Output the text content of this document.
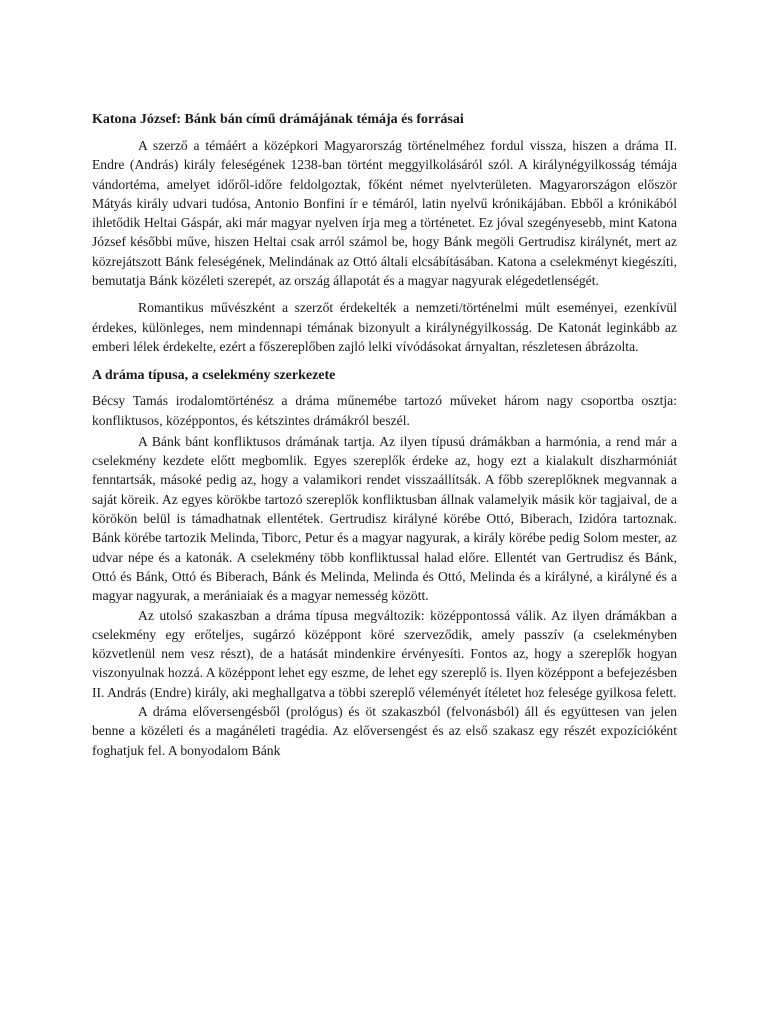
Katona József: Bánk bán című drámájának témája és forrásai

A szerző a témáért a középkori Magyarország történelméhez fordul vissza, hiszen a dráma II. Endre (András) király feleségének 1238-ban történt meggyilkolásáról szól. A királynégyilkosság témája vándortéma, amelyet időről-időre feldolgoztak, főként német nyelvterületen. Magyarországon először Mátyás király udvari tudósa, Antonio Bonfini ír e témáról, latin nyelvű krónikájában. Ebből a krónikából ihletődik Heltai Gáspár, aki már magyar nyelven írja meg a történetet. Ez jóval szegényesebb, mint Katona József későbbi műve, hiszen Heltai csak arról számol be, hogy Bánk megöli Gertrudisz királynét, mert az közrejátszott Bánk feleségének, Melindának az Ottó általi elcsábításában. Katona a cselekményt kiegészíti, bemutatja Bánk közéleti szerepét, az ország állapotát és a magyar nagyurak elégedetlenségét.

Romantikus művészként a szerzőt érdekelték a nemzeti/történelmi múlt eseményei, ezenkívül érdekes, különleges, nem mindennapi témának bizonyult a királynégyilkosság. De Katonát leginkább az emberi lélek érdekelte, ezért a főszereplőben zajló lelki vívódásokat árnyaltan, részletesen ábrázolta.

A dráma típusa, a cselekmény szerkezete

Bécsy Tamás irodalomtörténész a dráma műnemébe tartozó műveket három nagy csoportba osztja: konfliktusos, középpontos, és kétszintes drámákról beszél.

A Bánk bánt konfliktusos drámának tartja. Az ilyen típusú drámákban a harmónia, a rend már a cselekmény kezdete előtt megbomlik. Egyes szereplők érdeke az, hogy ezt a kialakult diszharmóniát fenntartsák, másoké pedig az, hogy a valamikori rendet visszaállítsák. A főbb szereplőknek megvannak a saját köreik. Az egyes körökbe tartozó szereplők konfliktusban állnak valamelyik másik kör tagjaival, de a körökön belül is támadhatnak ellentétek. Gertrudisz királyné körébe Ottó, Biberach, Izidóra tartoznak. Bánk körébe tartozik Melinda, Tiborc, Petur és a magyar nagyurak, a király körébe pedig Solom mester, az udvar népe és a katonák. A cselekmény több konfliktussal halad előre. Ellentét van Gertrudisz és Bánk, Ottó és Bánk, Ottó és Biberach, Bánk és Melinda, Melinda és Ottó, Melinda és a királyné, a királyné és a magyar nagyurak, a merániaiak és a magyar nemesség között.

Az utolsó szakaszban a dráma típusa megváltozik: középpontossá válik. Az ilyen drámákban a cselekmény egy erőteljes, sugárzó középpont köré szerveződik, amely passzív (a cselekményben közvetlenül nem vesz részt), de a hatását mindenkire érvényesíti. Fontos az, hogy a szereplők hogyan viszonyulnak hozzá. A középpont lehet egy eszme, de lehet egy szereplő is. Ilyen középpont a befejezésben II. András (Endre) király, aki meghallgatva a többi szereplő véleményét ítéletet hoz felesége gyilkosa felett.

A dráma előversengésből (prológus) és öt szakaszból (felvonásból) áll és együttesen van jelen benne a közéleti és a magánéleti tragédia. Az előversengést és az első szakasz egy részét expozícióként foghatjuk fel. A bonyodalom Bánk
